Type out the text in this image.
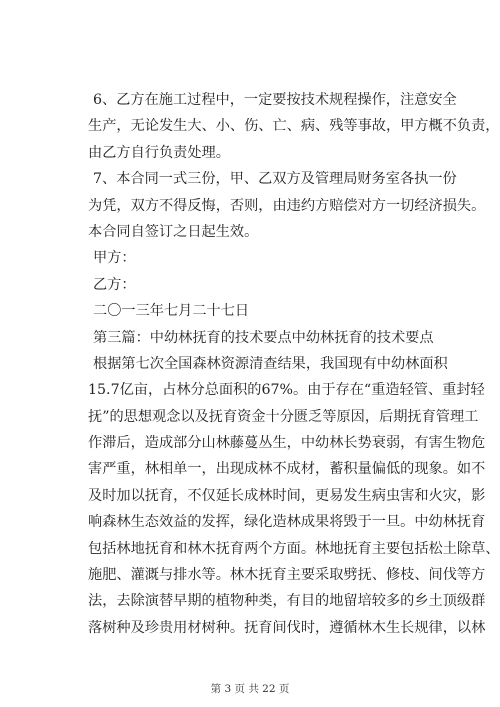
6、乙方在施工过程中，一定要按技术规程操作，注意安全
生产，无论发生大、小、伤、亡、病、残等事故，甲方概不负责，
由乙方自行负责处理。
7、本合同一式三份，甲、乙双方及管理局财务室各执一份
为凭，双方不得反悔，否则，由违约方赔偿对方一切经济损失。
本合同自签订之日起生效。
甲方：
乙方：
二〇一三年七月二十七日
第三篇：中幼林抚育的技术要点中幼林抚育的技术要点
根据第七次全国森林资源清查结果，我国现有中幼林面积
15.7亿亩，占林分总面积的67%。由于存在“重造轻管、重封轻
抚”的思想观念以及抚育资金十分匮乏等原因，后期抚育管理工
作滞后，造成部分山林藤蔓丛生，中幼林长势衰弱，有害生物危
害严重，林相单一，出现成林不成材，蓄积量偏低的现象。如不
及时加以抚育，不仅延长成林时间，更易发生病虫害和火灾，影
响森林生态效益的发挥，绿化造林成果将毁于一旦。中幼林抚育
包括林地抚育和林木抚育两个方面。林地抚育主要包括松土除草、
施肥、灌溉与排水等。林木抚育主要采取劈抚、修枝、间伐等方
法，去除演替早期的植物种类，有目的地留培较多的乡土顶级群
落树种及珍贵用材树种。抚育间伐时，遵循林木生长规律，以林
第 3 页 共 22 页
